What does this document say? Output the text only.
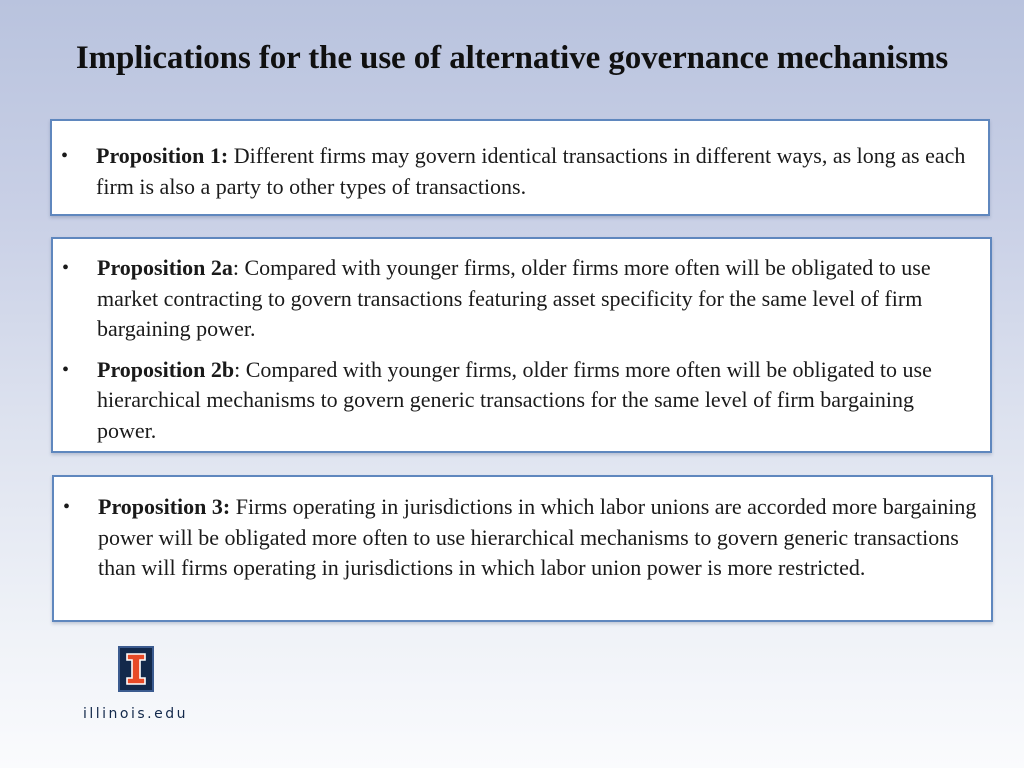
Implications for the use of alternative governance mechanisms
• Proposition 1: Different firms may govern identical transactions in different ways, as long as each firm is also a party to other types of transactions.
• Proposition 2a: Compared with younger firms, older firms more often will be obligated to use market contracting to govern transactions featuring asset specificity for the same level of firm bargaining power.
• Proposition 2b: Compared with younger firms, older firms more often will be obligated to use hierarchical mechanisms to govern generic transactions for the same level of firm bargaining power.
• Proposition 3: Firms operating in jurisdictions in which labor unions are accorded more bargaining power will be obligated more often to use hierarchical mechanisms to govern generic transactions than will firms operating in jurisdictions in which labor union power is more restricted.
illinois.edu
